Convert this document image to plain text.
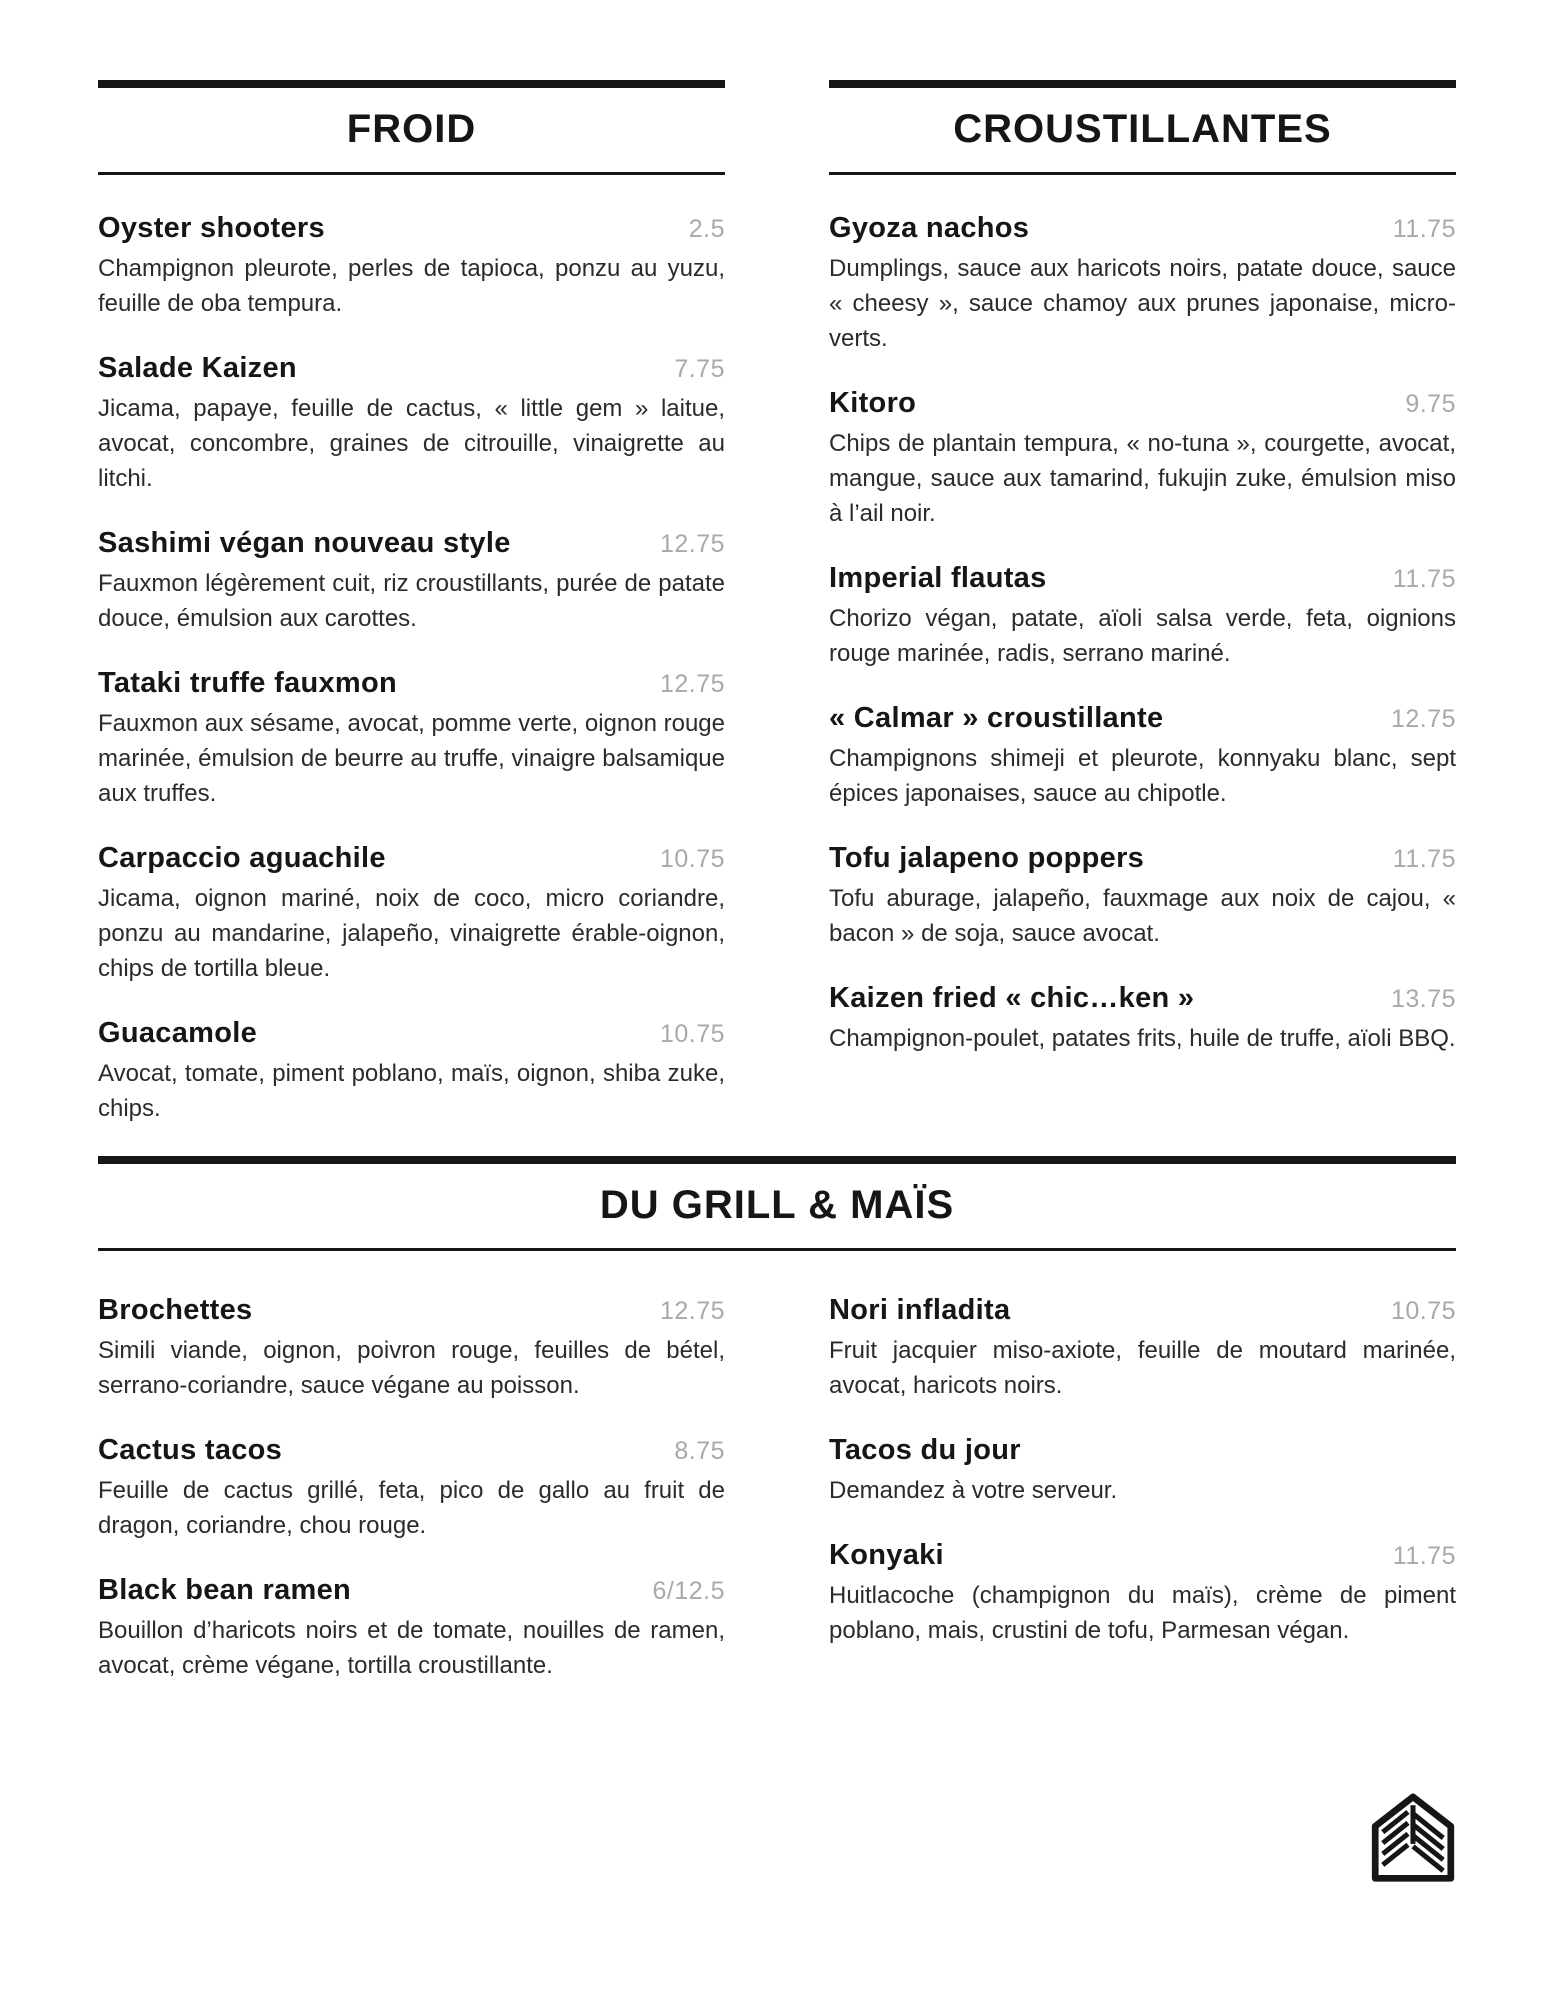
FROID
Oyster shooters	2.5

Champignon pleurote, perles de tapioca, ponzu au yuzu, feuille de oba tempura.

Salade Kaizen	7.75

Jicama, papaye, feuille de cactus, « little gem » laitue, avocat, concombre, graines de citrouille, vinaigrette au litchi.

Sashimi végan nouveau style	12.75

Fauxmon légèrement cuit, riz croustillants, purée de patate douce, émulsion aux carottes.

Tataki truffe fauxmon	12.75

Fauxmon aux sésame, avocat, pomme verte, oignon rouge marinée, émulsion de beurre au truffe, vinaigre balsamique aux truffes.

Carpaccio aguachile	10.75

Jicama, oignon mariné, noix de coco, micro coriandre, ponzu au mandarine, jalapeño, vinaigrette érable-oignon, chips de tortilla bleue.

Guacamole	10.75

Avocat, tomate, piment poblano, maïs, oignon, shiba zuke, chips.

CROUSTILLANTES
Gyoza nachos	11.75

Dumplings, sauce aux haricots noirs, patate douce, sauce « cheesy », sauce chamoy aux prunes japonaise, micro-verts.

Kitoro	9.75

Chips de plantain tempura, « no-tuna », courgette, avocat, mangue, sauce aux tamarind, fukujin zuke, émulsion miso à l’ail noir.

Imperial flautas	11.75

Chorizo végan, patate, aïoli salsa verde, feta, oignions rouge marinée, radis, serrano mariné.

« Calmar » croustillante	12.75

Champignons shimeji et pleurote, konnyaku blanc, sept épices japonaises, sauce au chipotle.

Tofu jalapeno poppers	11.75

Tofu aburage, jalapeño, fauxmage aux noix de cajou, « bacon » de soja, sauce avocat.

Kaizen fried « chic…ken »	13.75

Champignon-poulet, patates frits, huile de truffe, aïoli BBQ.

DU GRILL & MAÏS
Brochettes	12.75

Simili viande, oignon, poivron rouge, feuilles de bétel, serrano-coriandre, sauce végane au poisson.

Cactus tacos	8.75

Feuille de cactus grillé, feta, pico de gallo au fruit de dragon, coriandre, chou rouge.

Black bean ramen	6/12.5

Bouillon d’haricots noirs et de tomate, nouilles de ramen, avocat, crème végane, tortilla croustillante.

Nori infladita	10.75

Fruit jacquier miso-axiote, feuille de moutard marinée, avocat, haricots noirs.

Tacos du jour

Demandez à votre serveur.

Konyaki	11.75

Huitlacoche (champignon du maïs), crème de piment poblano, mais, crustini de tofu, Parmesan végan.
